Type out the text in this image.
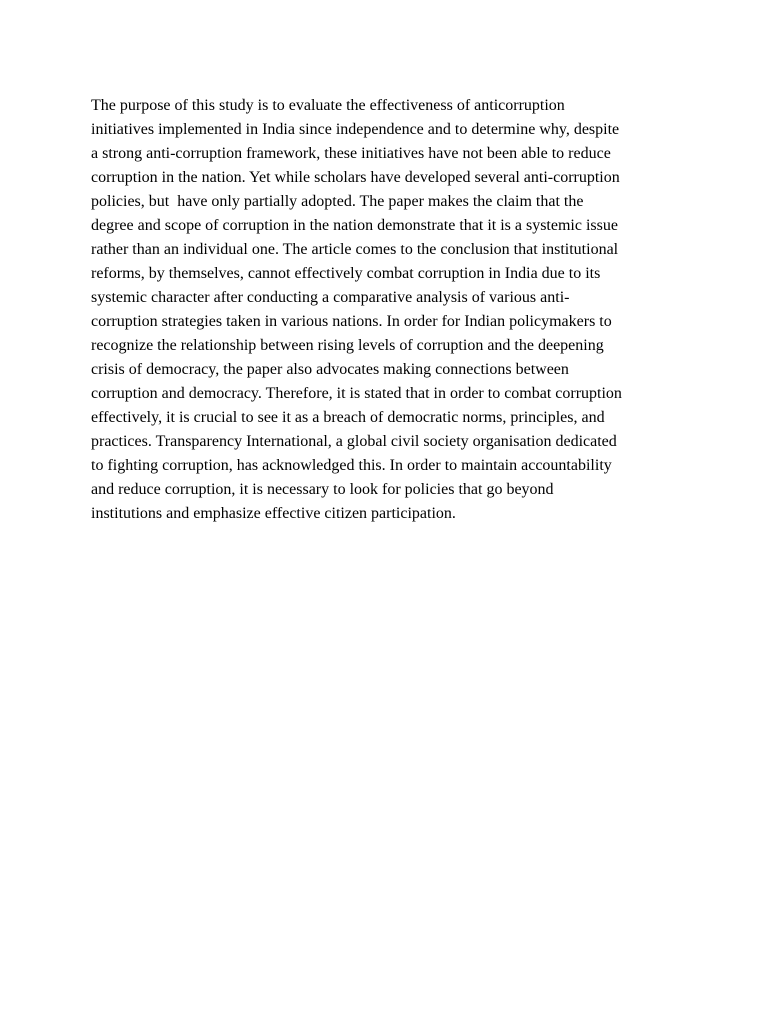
The purpose of this study is to evaluate the effectiveness of anticorruption
initiatives implemented in India since independence and to determine why, despite
a strong anti-corruption framework, these initiatives have not been able to reduce
corruption in the nation. Yet while scholars have developed several anti-corruption
policies, but  have only partially adopted. The paper makes the claim that the
degree and scope of corruption in the nation demonstrate that it is a systemic issue
rather than an individual one. The article comes to the conclusion that institutional
reforms, by themselves, cannot effectively combat corruption in India due to its
systemic character after conducting a comparative analysis of various anti-
corruption strategies taken in various nations. In order for Indian policymakers to
recognize the relationship between rising levels of corruption and the deepening
crisis of democracy, the paper also advocates making connections between
corruption and democracy. Therefore, it is stated that in order to combat corruption
effectively, it is crucial to see it as a breach of democratic norms, principles, and
practices. Transparency International, a global civil society organisation dedicated
to fighting corruption, has acknowledged this. In order to maintain accountability
and reduce corruption, it is necessary to look for policies that go beyond
institutions and emphasize effective citizen participation.
